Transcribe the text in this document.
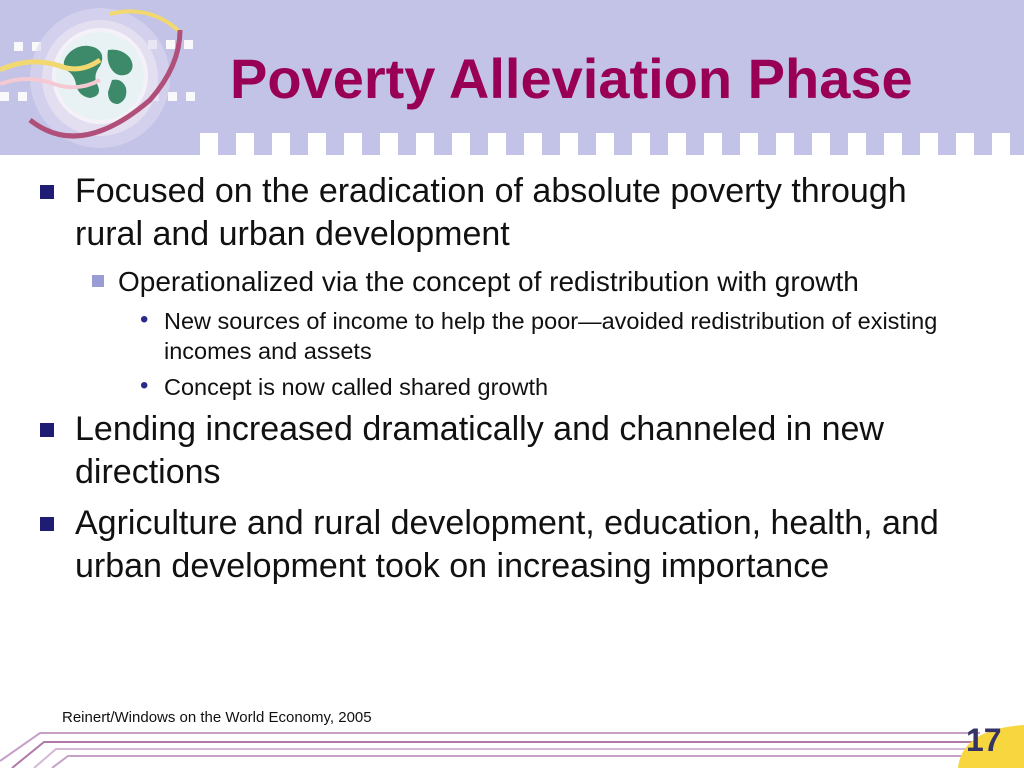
Poverty Alleviation Phase

Focused on the eradication of absolute poverty through rural and urban development

Operationalized via the concept of redistribution with growth

• New sources of income to help the poor—avoided redistribution of existing incomes and assets

• Concept is now called shared growth

Lending increased dramatically and channeled in new directions

Agriculture and rural development, education, health, and urban development took on increasing importance

Reinert/Windows on the World Economy, 2005
17
